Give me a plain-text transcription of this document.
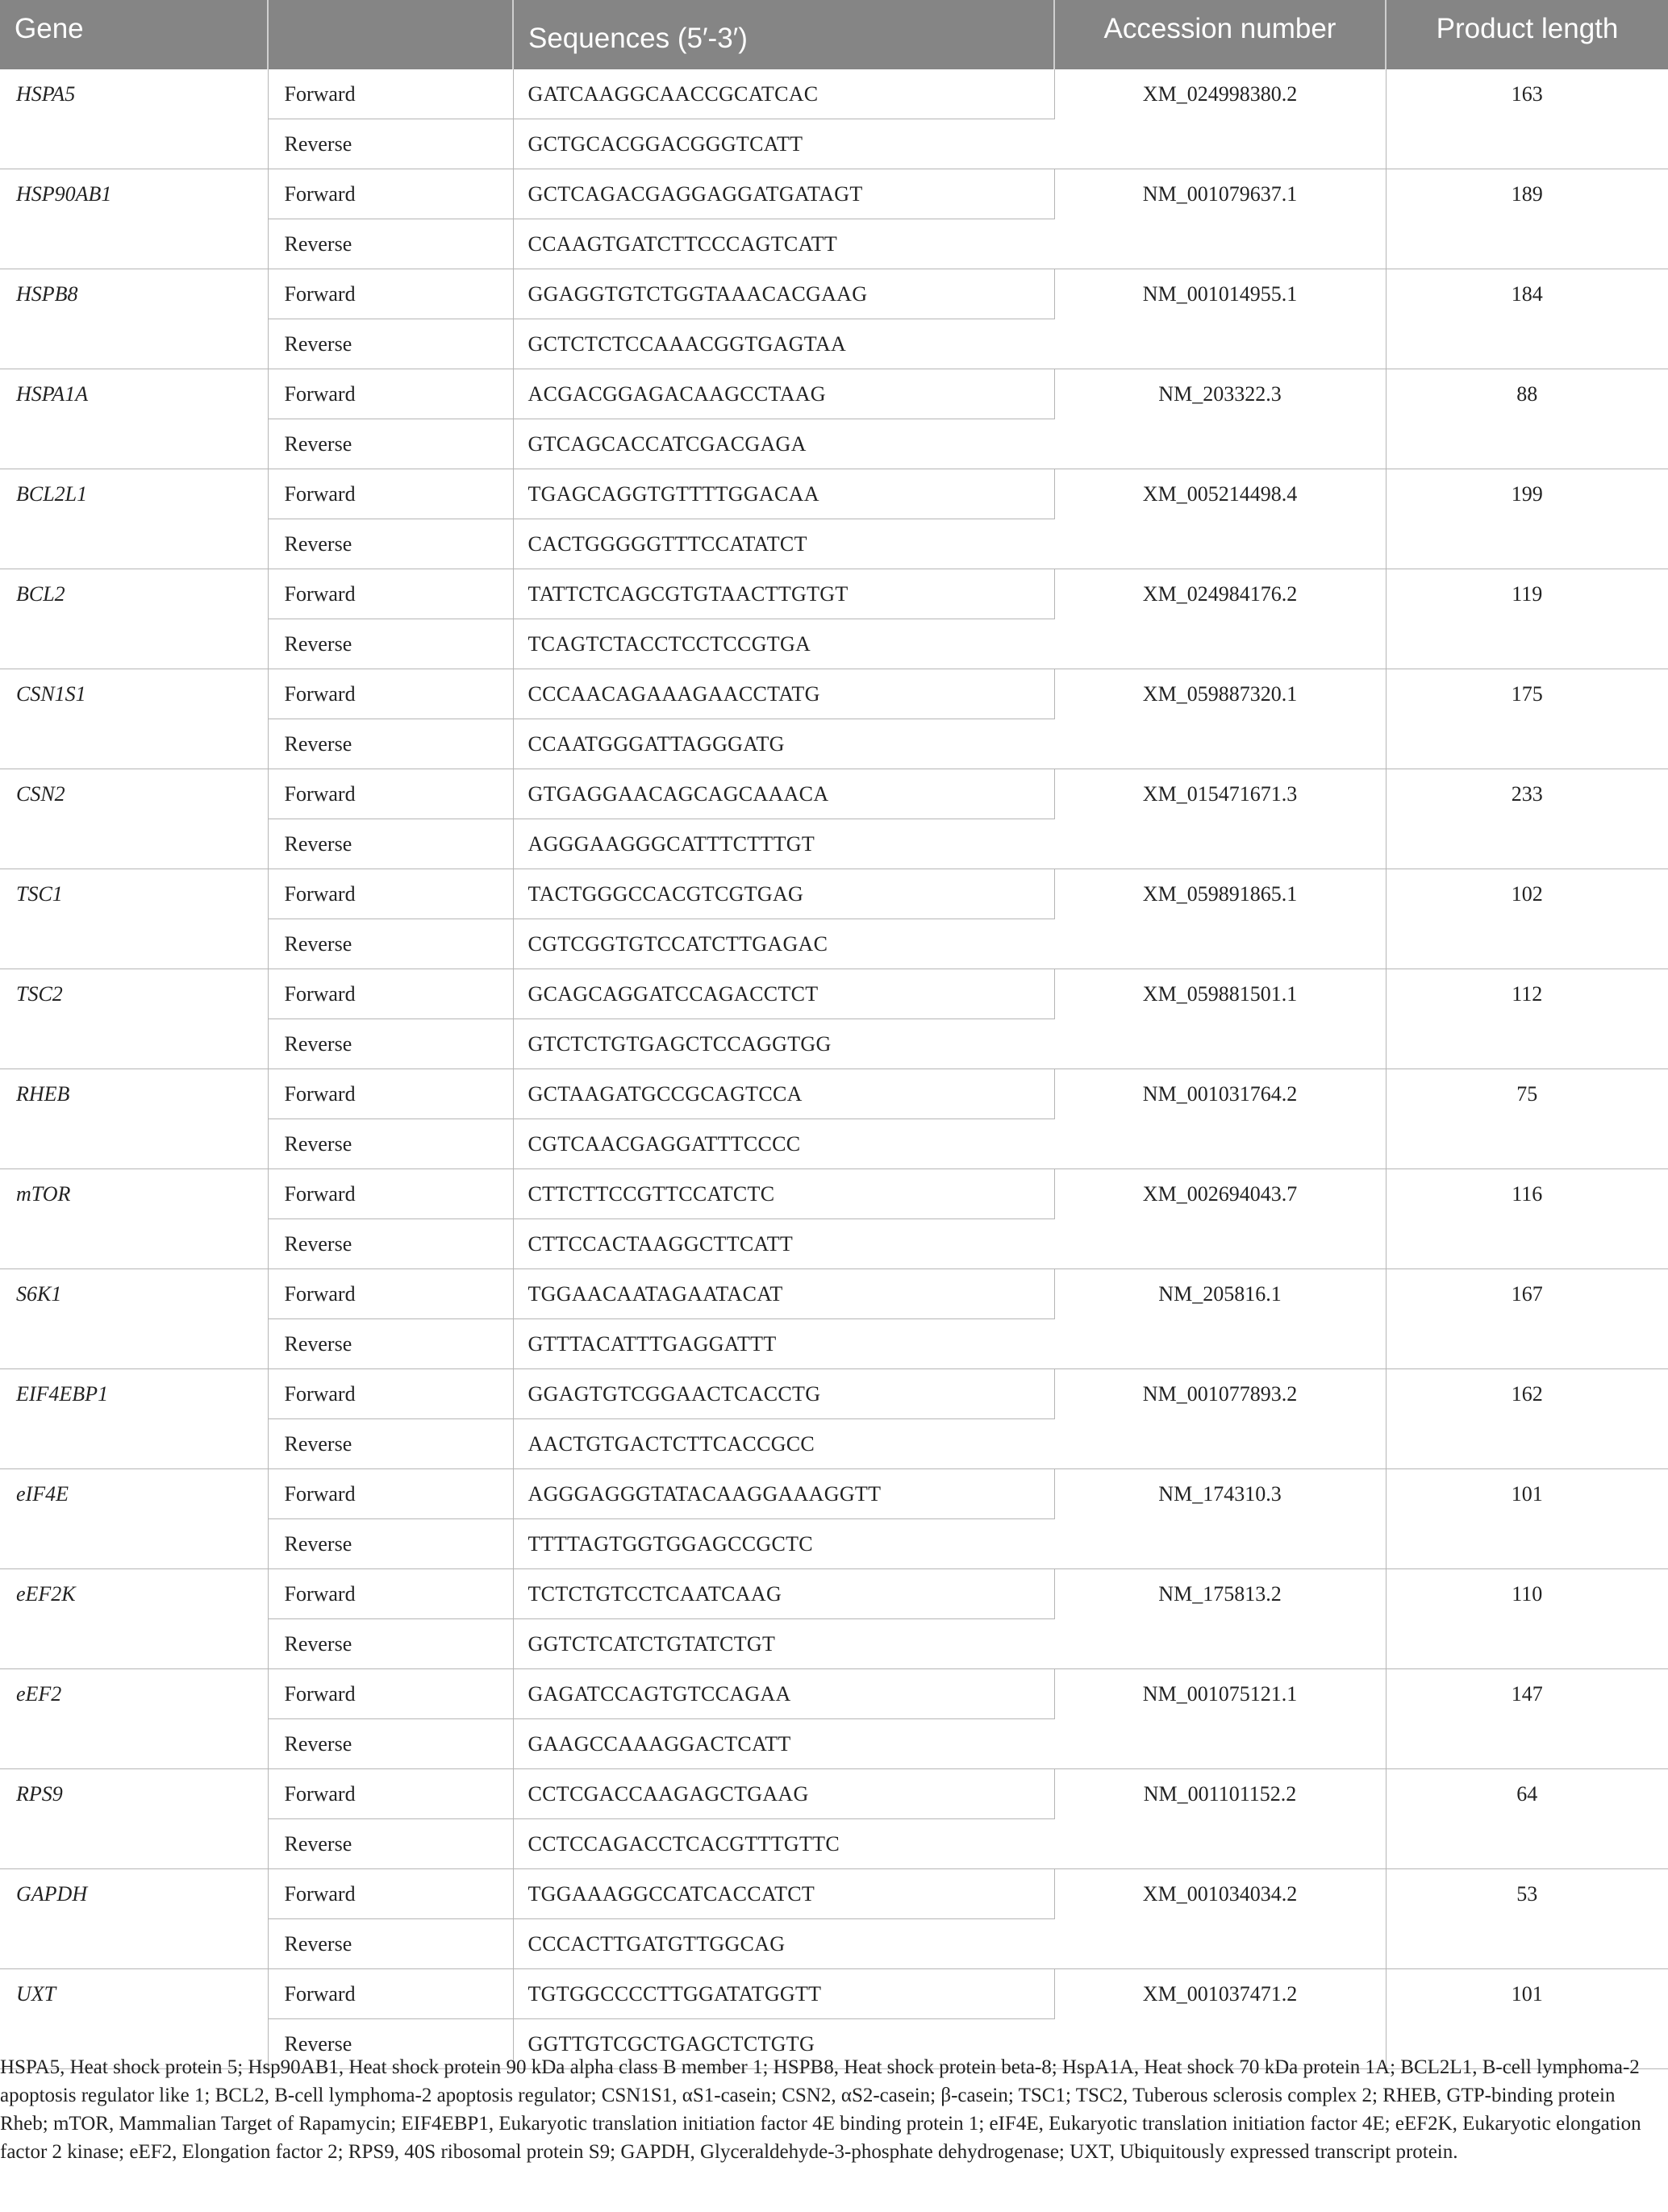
Gene		Sequences (5′-3′)	Accession number	Product length
HSPA5	Forward	GATCAAGGCAACCGCATCAC	XM_024998380.2	163
	Reverse	GCTGCACGGACGGGTCATT		
HSP90AB1	Forward	GCTCAGACGAGGAGGATGATAGT	NM_001079637.1	189
	Reverse	CCAAGTGATCTTCCCAGTCATT		
HSPB8	Forward	GGAGGTGTCTGGTAAACACGAAG	NM_001014955.1	184
	Reverse	GCTCTCTCCAAACGGTGAGTAA		
HSPA1A	Forward	ACGACGGAGACAAGCCTAAG	NM_203322.3	88
	Reverse	GTCAGCACCATCGACGAGA		
BCL2L1	Forward	TGAGCAGGTGTTTTGGACAA	XM_005214498.4	199
	Reverse	CACTGGGGGTTTCCATATCT		
BCL2	Forward	TATTCTCAGCGTGTAACTTGTGT	XM_024984176.2	119
	Reverse	TCAGTCTACCTCCTCCGTGA		
CSN1S1	Forward	CCCAACAGAAAGAACCTATG	XM_059887320.1	175
	Reverse	CCAATGGGATTAGGGATG		
CSN2	Forward	GTGAGGAACAGCAGCAAACA	XM_015471671.3	233
	Reverse	AGGGAAGGGCATTTCTTTGT		
TSC1	Forward	TACTGGGCCACGTCGTGAG	XM_059891865.1	102
	Reverse	CGTCGGTGTCCATCTTGAGAC		
TSC2	Forward	GCAGCAGGATCCAGACCTCT	XM_059881501.1	112
	Reverse	GTCTCTGTGAGCTCCAGGTGG		
RHEB	Forward	GCTAAGATGCCGCAGTCCA	NM_001031764.2	75
	Reverse	CGTCAACGAGGATTTCCCC		
mTOR	Forward	CTTCTTCCGTTCCATCTC	XM_002694043.7	116
	Reverse	CTTCCACTAAGGCTTCATT		
S6K1	Forward	TGGAACAATAGAATACAT	NM_205816.1	167
	Reverse	GTTTACATTTGAGGATTT		
EIF4EBP1	Forward	GGAGTGTCGGAACTCACCTG	NM_001077893.2	162
	Reverse	AACTGTGACTCTTCACCGCC		
eIF4E	Forward	AGGGAGGGTATACAAGGAAAGGTT	NM_174310.3	101
	Reverse	TTTTAGTGGTGGAGCCGCTC		
eEF2K	Forward	TCTCTGTCCTCAATCAAG	NM_175813.2	110
	Reverse	GGTCTCATCTGTATCTGT		
eEF2	Forward	GAGATCCAGTGTCCAGAA	NM_001075121.1	147
	Reverse	GAAGCCAAAGGACTCATT		
RPS9	Forward	CCTCGACCAAGAGCTGAAG	NM_001101152.2	64
	Reverse	CCTCCAGACCTCACGTTTGTTC		
GAPDH	Forward	TGGAAAGGCCATCACCATCT	XM_001034034.2	53
	Reverse	CCCACTTGATGTTGGCAG		
UXT	Forward	TGTGGCCCCTTGGATATGGTT	XM_001037471.2	101
	Reverse	GGTTGTCGCTGAGCTCTGTG		

HSPA5, Heat shock protein 5; Hsp90AB1, Heat shock protein 90 kDa alpha class B member 1; HSPB8, Heat shock protein beta-8; HspA1A, Heat shock 70 kDa protein 1A; BCL2L1, B-cell lymphoma-2 apoptosis regulator like 1; BCL2, B-cell lymphoma-2 apoptosis regulator; CSN1S1, αS1-casein; CSN2, αS2-casein; β-casein; TSC1; TSC2, Tuberous sclerosis complex 2; RHEB, GTP-binding protein Rheb; mTOR, Mammalian Target of Rapamycin; EIF4EBP1, Eukaryotic translation initiation factor 4E binding protein 1; eIF4E, Eukaryotic translation initiation factor 4E; eEF2K, Eukaryotic elongation factor 2 kinase; eEF2, Elongation factor 2; RPS9, 40S ribosomal protein S9; GAPDH, Glyceraldehyde-3-phosphate dehydrogenase; UXT, Ubiquitously expressed transcript protein.
